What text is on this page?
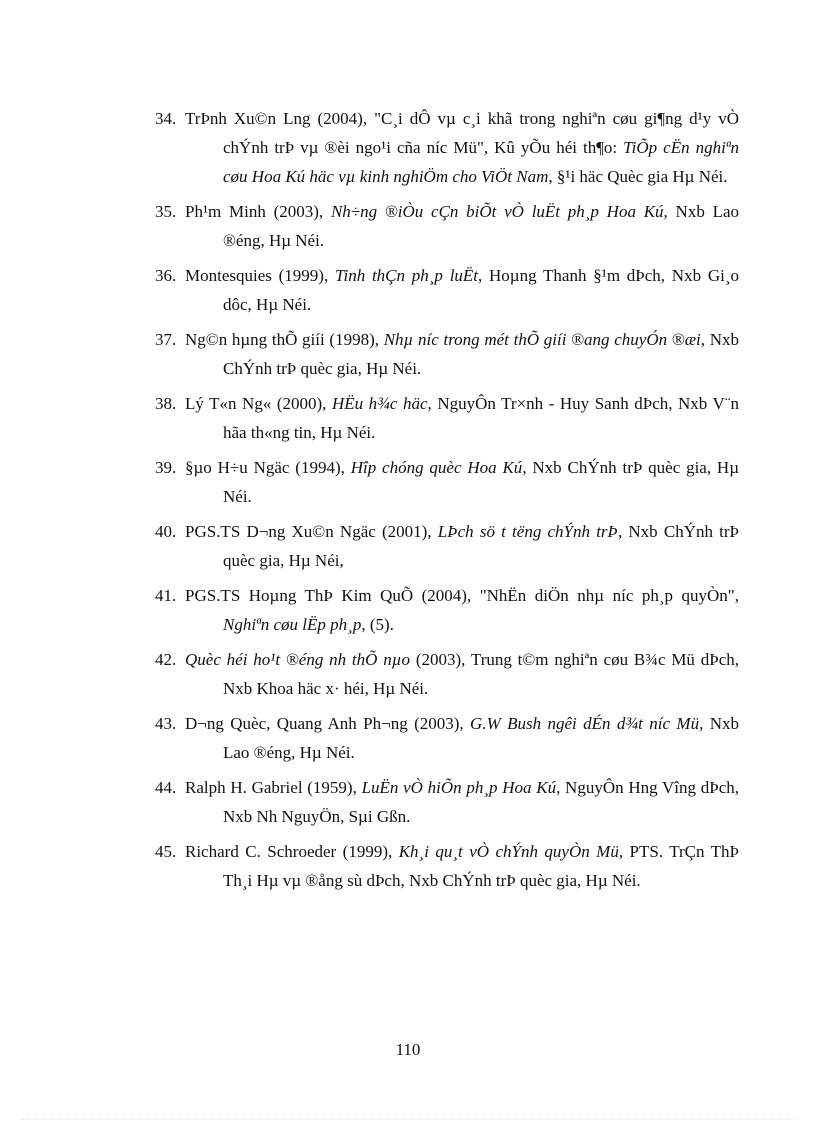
34. TrÞnh Xu©n Lng (2004), "C¸i dÔ vµ c¸i khã trong nghiªn cøu gi¶ng d¹y vÒ chÝnh trÞ vµ ®èi ngo¹i cña níc Mü", Kû yÕu héi th¶o: TiÕp cËn nghiªn cøu Hoa Kú häc vµ kinh nghiÖm cho ViÖt Nam, §¹i häc Quèc gia Hµ Néi.
35. Ph¹m Minh (2003), Nh÷ng ®iÒu cÇn biÕt vÒ luËt ph¸p Hoa Kú, Nxb Lao ®éng, Hµ Néi.
36. Montesquies (1999), Tinh thÇn ph¸p luËt, Hoµng Thanh §¹m dÞch, Nxb Gi¸o dôc, Hµ Néi.
37. Ng©n hµng thÕ giíi (1998), Nhµ níc trong mét thÕ giíi ®ang chuyÓn ®æi, Nxb ChÝnh trÞ quèc gia, Hµ Néi.
38. Lý T«n Ng« (2000), HËu h¾c häc, NguyÔn Tr×nh - Huy Sanh dÞch, Nxb V¨n hãa th«ng tin, Hµ Néi.
39. §µo H÷u Ngäc (1994), Hîp chóng quèc Hoa Kú, Nxb ChÝnh trÞ quèc gia, Hµ Néi.
40. PGS.TS D¬ng Xu©n Ngäc (2001), LÞch sö t tëng chÝnh trÞ, Nxb ChÝnh trÞ quèc gia, Hµ Néi,
41. PGS.TS Hoµng ThÞ Kim QuÕ (2004), "NhËn diÖn nhµ níc ph¸p quyÒn", Nghiªn cøu lËp ph¸p, (5).
42. Quèc héi ho¹t ®éng nh thÕ nµo (2003), Trung t©m nghiªn cøu B¾c Mü dÞch, Nxb Khoa häc x· héi, Hµ Néi.
43. D¬ng Quèc, Quang Anh Ph¬ng (2003), G.W Bush ngêi dÉn d¾t níc Mü, Nxb Lao ®éng, Hµ Néi.
44. Ralph H. Gabriel (1959), LuËn vÒ hiÕn ph¸p Hoa Kú, NguyÔn Hng Vîng dÞch, Nxb Nh NguyÖn, Sµi Gßn.
45. Richard C. Schroeder (1999), Kh¸i qu¸t vÒ chÝnh quyÒn Mü, PTS. TrÇn ThÞ Th¸i Hµ vµ ®ång sù dÞch, Nxb ChÝnh trÞ quèc gia, Hµ Néi.
110
